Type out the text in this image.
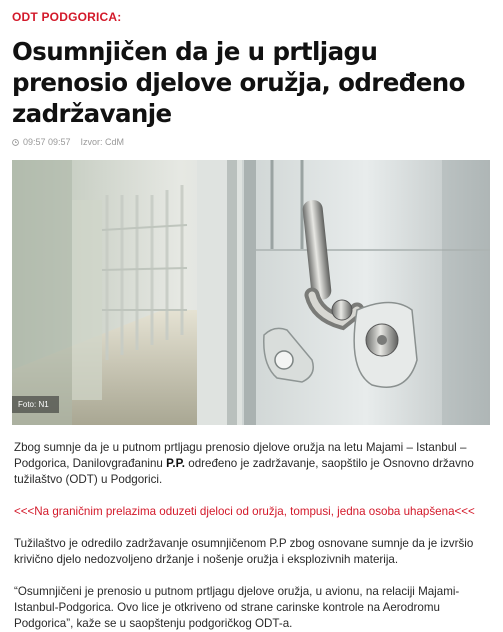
ODT PODGORICA:
Osumnjičen da je u prtljagu prenosio djelove oružja, određeno zadržavanje
09:57 09:57 Izvor: CdM
Foto: N1

Zbog sumnje da je u putnom prtljagu prenosio djelove oružja na letu Majami – Istanbul – Podgorica, Danilovgrađaninu P.P. određeno je zadržavanje, saopštilo je Osnovno državno tužilaštvo (ODT) u Podgorici.

<<<Na graničnim prelazima oduzeti djeloci od oružja, tompusi, jedna osoba uhapšena<<<

Tužilaštvo je odredilo zadržavanje osumnjičenom P.P zbog osnovane sumnje da je izvršio krivično djelo nedozvoljeno držanje i nošenje oružja i eksplozivnih materija.

“Osumnjičeni je prenosio u putnom prtljagu djelove oružja, u avionu, na relaciji Majami-Istanbul-Podgorica. Ovo lice je otkriveno od strane carinske kontrole na Aerodromu Podgorica”, kaže se u saopštenju podgoričkog ODT-a.
